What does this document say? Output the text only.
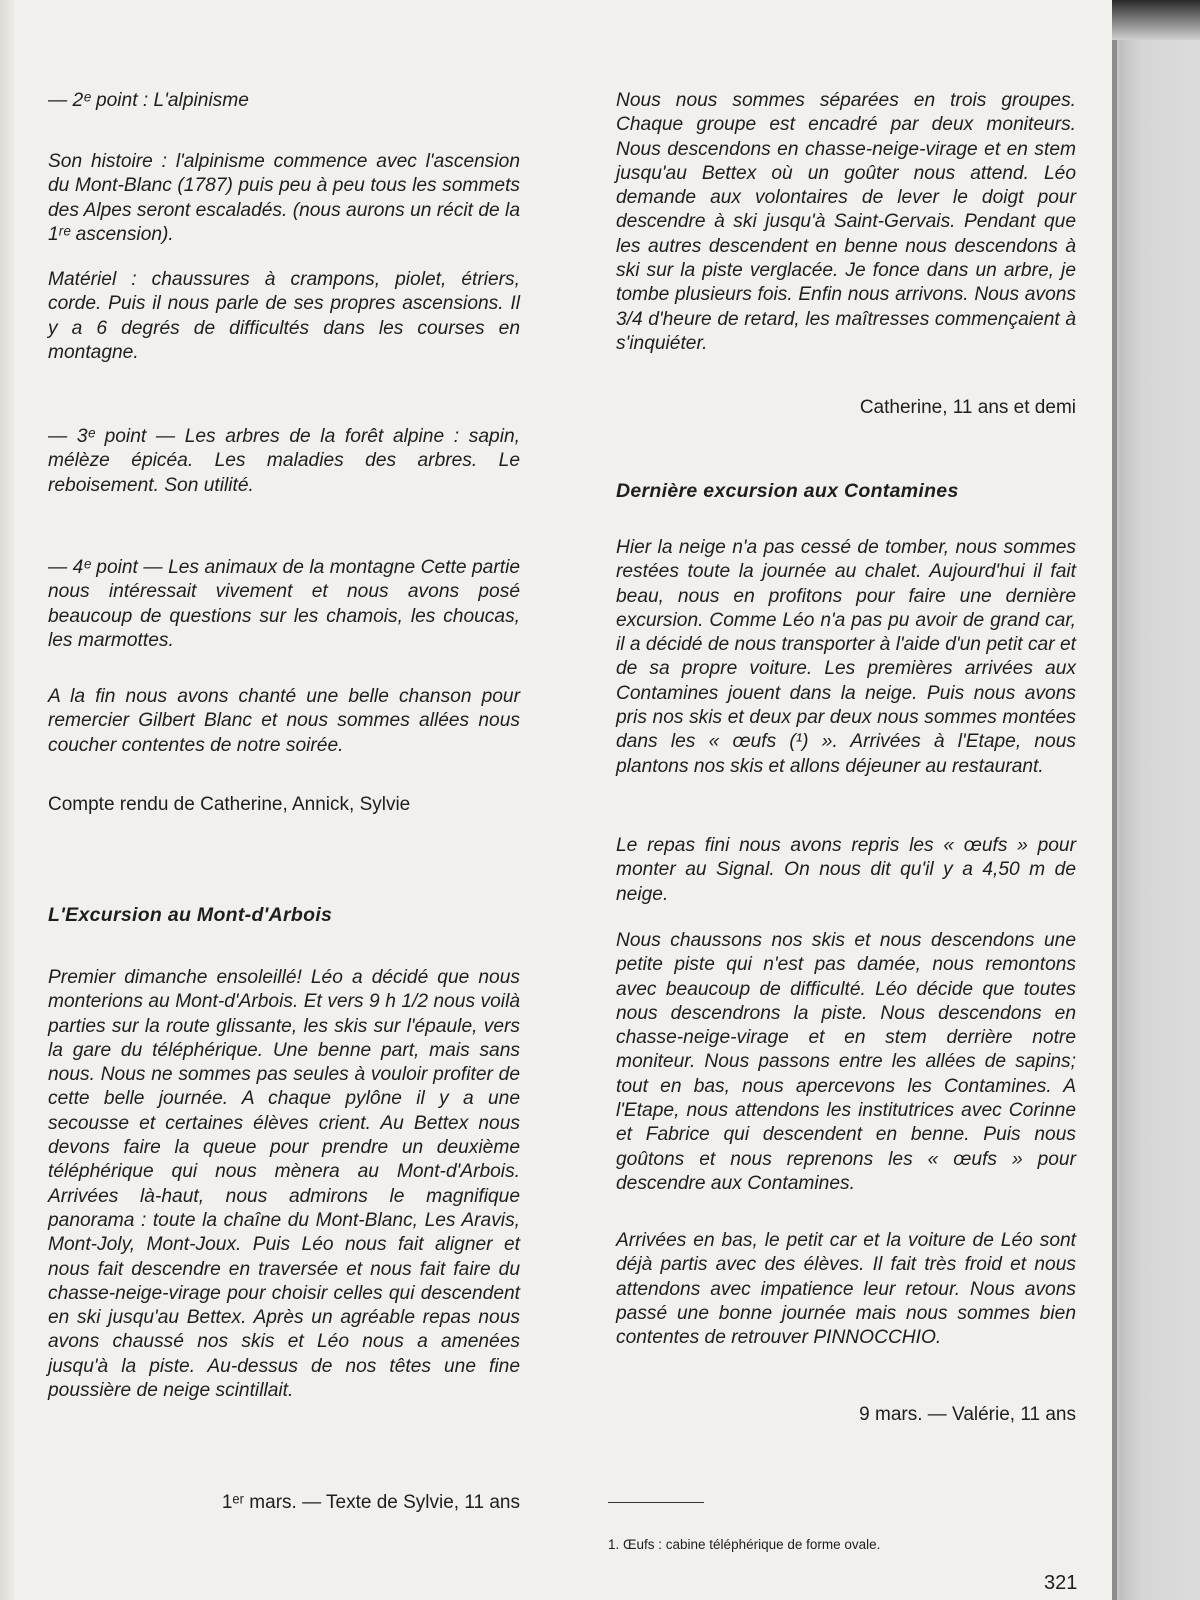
— 2ᵉ point : L'alpinisme

Son histoire : l'alpinisme commence avec l'ascension du Mont-Blanc (1787) puis peu à peu tous les sommets des Alpes seront escaladés. (nous aurons un récit de la 1ʳᵉ ascension).

Matériel : chaussures à crampons, piolet, étriers, corde. Puis il nous parle de ses propres ascensions. Il y a 6 degrés de difficultés dans les courses en montagne.

— 3ᵉ point — Les arbres de la forêt alpine : sapin, mélèze épicéa. Les maladies des arbres. Le reboisement. Son utilité.

— 4ᵉ point — Les animaux de la montagne Cette partie nous intéressait vivement et nous avons posé beaucoup de questions sur les chamois, les choucas, les marmottes.

A la fin nous avons chanté une belle chanson pour remercier Gilbert Blanc et nous sommes allées nous coucher contentes de notre soirée.

Compte rendu de Catherine, Annick, Sylvie

L'Excursion au Mont-d'Arbois

Premier dimanche ensoleillé! Léo a décidé que nous monterions au Mont-d'Arbois. Et vers 9 h 1/2 nous voilà parties sur la route glissante, les skis sur l'épaule, vers la gare du téléphérique. Une benne part, mais sans nous. Nous ne sommes pas seules à vouloir profiter de cette belle journée. A chaque pylône il y a une secousse et certaines élèves crient. Au Bettex nous devons faire la queue pour prendre un deuxième téléphérique qui nous mènera au Mont-d'Arbois. Arrivées là-haut, nous admirons le magnifique panorama : toute la chaîne du Mont-Blanc, Les Aravis, Mont-Joly, Mont-Joux. Puis Léo nous fait aligner et nous fait descendre en traversée et nous fait faire du chasse-neige-virage pour choisir celles qui descendent en ski jusqu'au Bettex. Après un agréable repas nous avons chaussé nos skis et Léo nous a amenées jusqu'à la piste. Au-dessus de nos têtes une fine poussière de neige scintillait.

1ᵉʳ mars. — Texte de Sylvie, 11 ans

Nous nous sommes séparées en trois groupes. Chaque groupe est encadré par deux moniteurs. Nous descendons en chasse-neige-virage et en stem jusqu'au Bettex où un goûter nous attend. Léo demande aux volontaires de lever le doigt pour descendre à ski jusqu'à Saint-Gervais. Pendant que les autres descendent en benne nous descendons à ski sur la piste verglacée. Je fonce dans un arbre, je tombe plusieurs fois. Enfin nous arrivons. Nous avons 3/4 d'heure de retard, les maîtresses commençaient à s'inquiéter.

Catherine, 11 ans et demi

Dernière excursion aux Contamines

Hier la neige n'a pas cessé de tomber, nous sommes restées toute la journée au chalet. Aujourd'hui il fait beau, nous en profitons pour faire une dernière excursion. Comme Léo n'a pas pu avoir de grand car, il a décidé de nous transporter à l'aide d'un petit car et de sa propre voiture. Les premières arrivées aux Contamines jouent dans la neige. Puis nous avons pris nos skis et deux par deux nous sommes montées dans les « œufs (¹) ». Arrivées à l'Etape, nous plantons nos skis et allons déjeuner au restaurant.

Le repas fini nous avons repris les « œufs » pour monter au Signal. On nous dit qu'il y a 4,50 m de neige.

Nous chaussons nos skis et nous descendons une petite piste qui n'est pas damée, nous remontons avec beaucoup de difficulté. Léo décide que toutes nous descendrons la piste. Nous descendons en chasse-neige-virage et en stem derrière notre moniteur. Nous passons entre les allées de sapins; tout en bas, nous apercevons les Contamines. A l'Etape, nous attendons les institutrices avec Corinne et Fabrice qui descendent en benne. Puis nous goûtons et nous reprenons les « œufs » pour descendre aux Contamines.

Arrivées en bas, le petit car et la voiture de Léo sont déjà partis avec des élèves. Il fait très froid et nous attendons avec impatience leur retour. Nous avons passé une bonne journée mais nous sommes bien contentes de retrouver PINNOCCHIO.

9 mars. — Valérie, 11 ans

1. Œufs : cabine téléphérique de forme ovale.
321
